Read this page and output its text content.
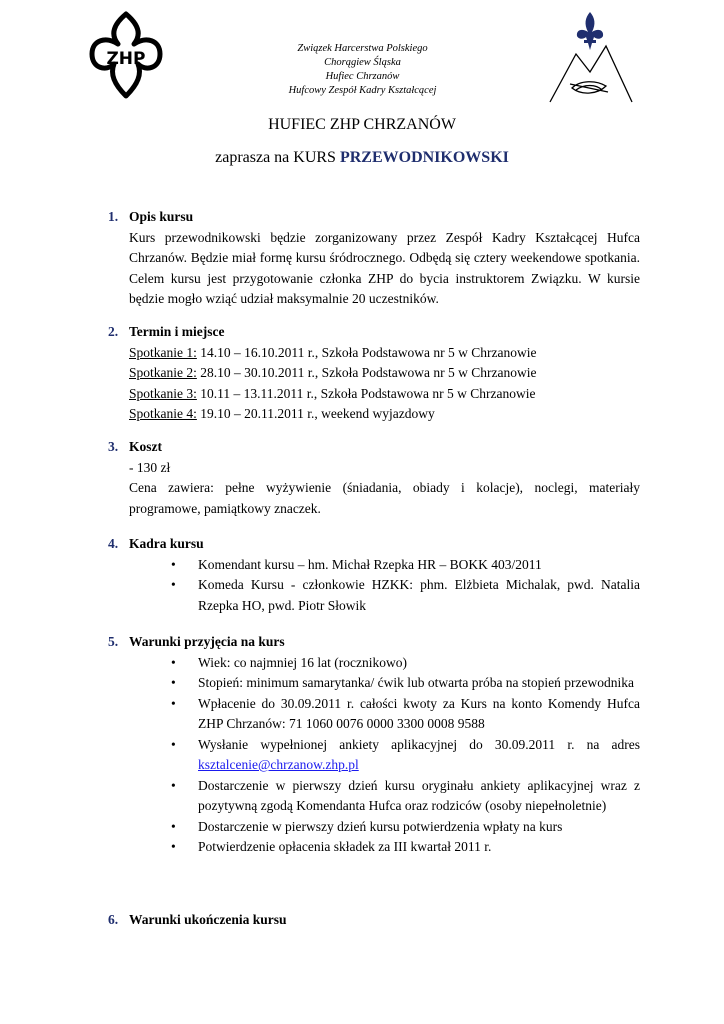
ZHP
Związek Harcerstwa Polskiego
Chorągiew Śląska
Hufiec Chrzanów
Hufcowy Zespół Kadry Kształcącej
HUFIEC ZHP CHRZANÓW
zaprasza na KURS PRZEWODNIKOWSKI
1. Opis kursu

Kurs przewodnikowski będzie zorganizowany przez Zespół Kadry Kształcącej Hufca Chrzanów. Będzie miał formę kursu śródrocznego. Odbędą się cztery weekendowe spotkania. Celem kursu jest przygotowanie członka ZHP do bycia instruktorem Związku. W kursie będzie mogło wziąć udział maksymalnie 20 uczestników.

2. Termin i miejsce
Spotkanie 1: 14.10 – 16.10.2011 r., Szkoła Podstawowa nr 5 w Chrzanowie
Spotkanie 2: 28.10 – 30.10.2011 r., Szkoła Podstawowa nr 5 w Chrzanowie
Spotkanie 3: 10.11 – 13.11.2011 r., Szkoła Podstawowa nr 5 w Chrzanowie
Spotkanie 4: 19.10 – 20.11.2011 r., weekend wyjazdowy
3. Koszt

- 130 zł

Cena zawiera: pełne wyżywienie (śniadania, obiady i kolacje), noclegi, materiały programowe, pamiątkowy znaczek.

4. Kadra kursu
• Komendant kursu – hm. Michał Rzepka HR – BOKK 403/2011
• Komeda Kursu - członkowie HZKK: phm. Elżbieta Michalak, pwd. Natalia Rzepka HO, pwd. Piotr Słowik
5. Warunki przyjęcia na kurs
• Wiek: co najmniej 16 lat (rocznikowo)
• Stopień: minimum samarytanka/ ćwik lub otwarta próba na stopień przewodnika
• Wpłacenie do 30.09.2011 r. całości kwoty za Kurs na konto Komendy Hufca ZHP Chrzanów: 71 1060 0076 0000 3300 0008 9588
• Wysłanie wypełnionej ankiety aplikacyjnej do 30.09.2011 r. na adres ksztalcenie@chrzanow.zhp.pl
• Dostarczenie w pierwszy dzień kursu oryginału ankiety aplikacyjnej wraz z pozytywną zgodą Komendanta Hufca oraz rodziców (osoby niepełnoletnie)
• Dostarczenie w pierwszy dzień kursu potwierdzenia wpłaty na kurs
• Potwierdzenie opłacenia składek za III kwartał 2011 r.
6. Warunki ukończenia kursu
